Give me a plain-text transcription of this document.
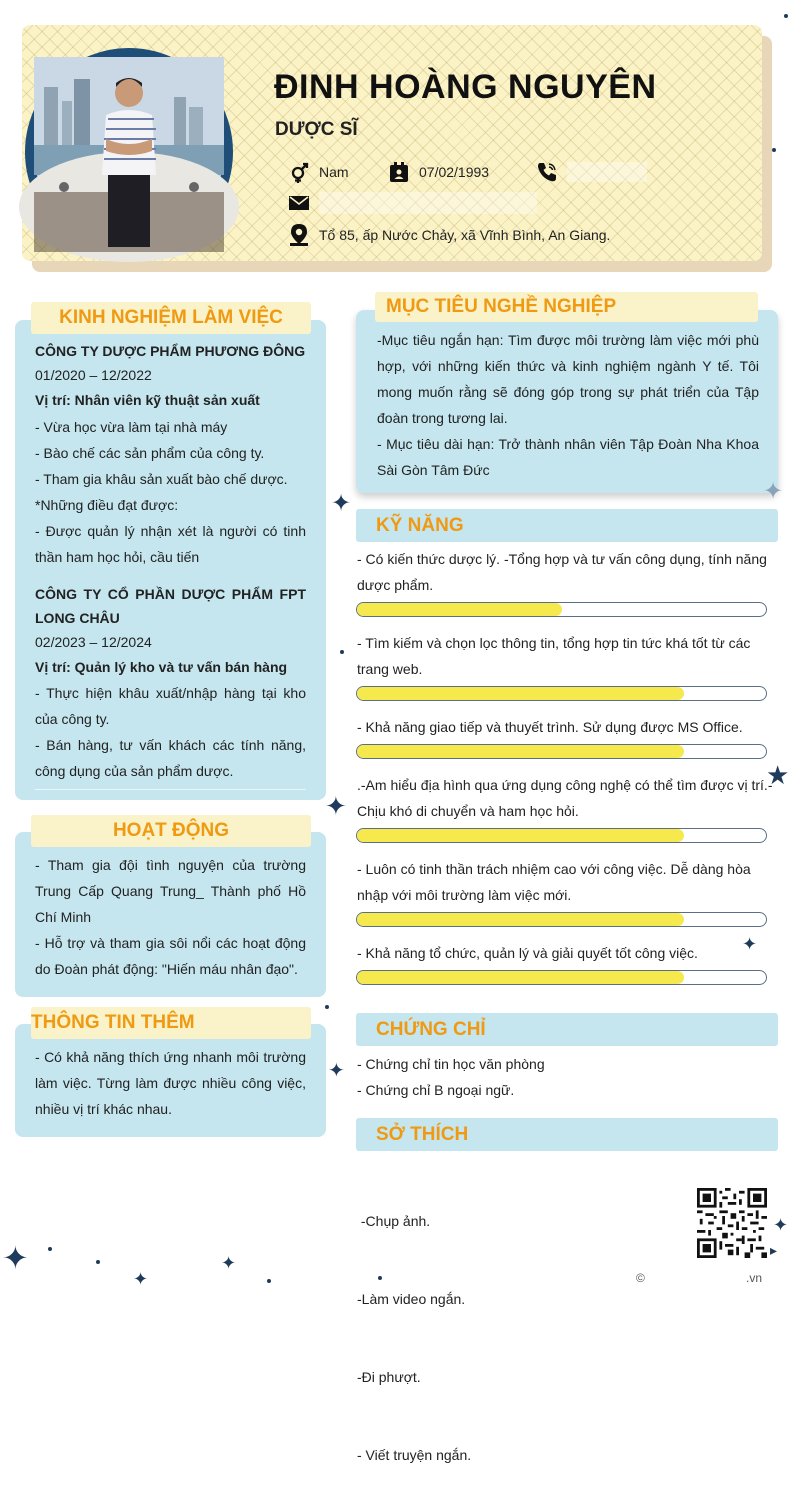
ĐINH HOÀNG NGUYÊN
DƯỢC SĨ
Nam	07/02/1993
Tổ 85, ấp Nước Chảy, xã Vĩnh Bình, An Giang.
KINH NGHIỆM LÀM VIỆC

CÔNG TY DƯỢC PHẨM PHƯƠNG ĐÔNG

01/2020 – 12/2022

Vị trí: Nhân viên kỹ thuật sản xuất

- Vừa học vừa làm tại nhà máy

- Bào chế các sản phẩm của công ty.

- Tham gia khâu sản xuất bào chế dược.

*Những điều đạt được:

- Được quản lý nhận xét là người có tinh thần ham học hỏi, cầu tiến

CÔNG TY CỔ PHẦN DƯỢC PHẨM FPT LONG CHÂU

02/2023 – 12/2024

Vị trí: Quản lý kho và tư vấn bán hàng

- Thực hiện khâu xuất/nhập hàng tại kho của công ty.

- Bán hàng, tư vấn khách các tính năng, công dụng của sản phẩm dược.

HOẠT ĐỘNG

- Tham gia đội tình nguyện của trường Trung Cấp Quang Trung_ Thành phố Hồ Chí Minh

- Hỗ trợ và tham gia sôi nổi các hoạt động do Đoàn phát động: "Hiến máu nhân đạo".

THÔNG TIN THÊM

- Có khả năng thích ứng nhanh môi trường làm việc. Từng làm được nhiều công việc, nhiều vị trí khác nhau.

MỤC TIÊU NGHỀ NGHIỆP

-Mục tiêu ngắn hạn: Tìm được môi trường làm việc mới phù hợp, với những kiến thức và kinh nghiệm ngành Y tế. Tôi mong muốn rằng sẽ đóng góp trong sự phát triển của Tập đoàn trong tương lai.

- Mục tiêu dài hạn: Trở thành nhân viên Tập Đoàn Nha Khoa Sài Gòn Tâm Đức

KỸ NĂNG
- Có kiến thức dược lý. -Tổng hợp và tư vấn công dụng, tính năng dược phẩm.
- Tìm kiếm và chọn lọc thông tin, tổng hợp tin tức khá tốt từ các trang web.
- Khả năng giao tiếp và thuyết trình. Sử dụng được MS Office.
.-Am hiểu địa hình qua ứng dụng công nghệ có thể tìm được vị trí.- Chịu khó di chuyển và ham học hỏi.
- Luôn có tinh thần trách nhiệm cao với công việc. Dễ dàng hòa nhập với môi trường làm việc mới.
- Khả năng tổ chức, quản lý và giải quyết tốt công việc.
CHỨNG CHỈ

- Chứng chỉ tin học văn phòng

- Chứng chỉ B ngoại ngữ.

SỞ THÍCH

-Chụp ảnh.

-Làm video ngắn.

-Đi phượt.

- Viết truyện ngắn.

©	.vn
✦
✦
★
✦
✦
✦
✦
✦
✦
✦
▸
